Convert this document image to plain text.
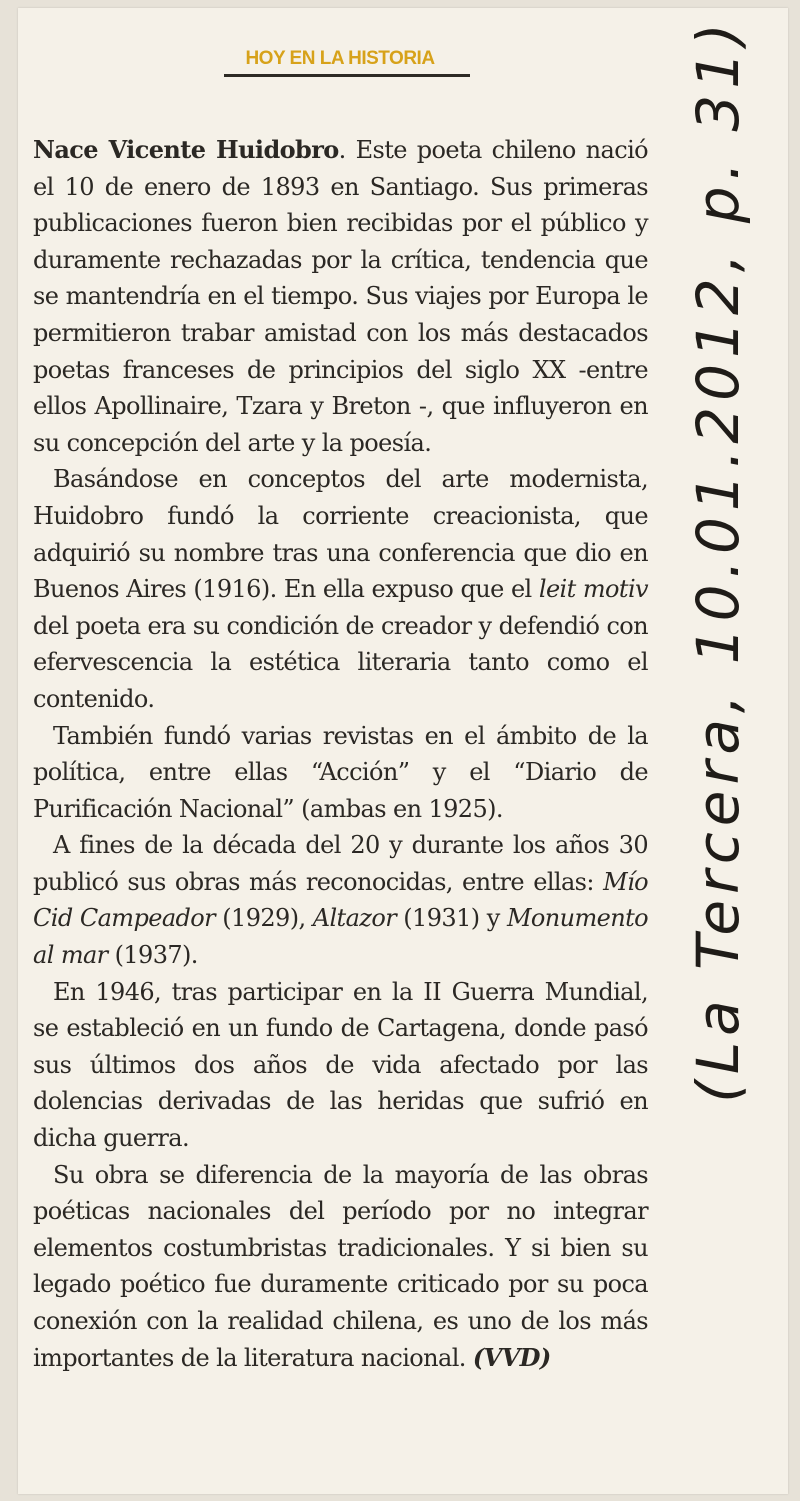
HOY EN LA HISTORIA

Nace Vicente Huidobro. Este poeta chileno nació el 10 de enero de 1893 en Santiago. Sus primeras publicaciones fueron bien recibidas por el público y duramente rechazadas por la crítica, tendencia que se mantendría en el tiempo. Sus viajes por Europa le permitieron trabar amistad con los más destacados poetas franceses de principios del siglo XX -entre ellos Apollinaire, Tzara y Breton -, que influyeron en su concepción del arte y la poesía.

Basándose en conceptos del arte modernista, Huidobro fundó la corriente creacionista, que adquirió su nombre tras una conferencia que dio en Buenos Aires (1916). En ella expuso que el leit motiv del poeta era su condición de creador y defendió con efervescencia la estética literaria tanto como el contenido.

También fundó varias revistas en el ámbito de la política, entre ellas “Acción” y el “Diario de Purificación Nacional” (ambas en 1925).

A fines de la década del 20 y durante los años 30 publicó sus obras más reconocidas, entre ellas: Mío Cid Campeador (1929), Altazor (1931) y Monumento al mar (1937).

En 1946, tras participar en la II Guerra Mundial, se estableció en un fundo de Cartagena, donde pasó sus últimos dos años de vida afectado por las dolencias derivadas de las heridas que sufrió en dicha guerra.

Su obra se diferencia de la mayoría de las obras poéticas nacionales del período por no integrar elementos costumbristas tradicionales. Y si bien su legado poético fue duramente criticado por su poca conexión con la realidad chilena, es uno de los más importantes de la literatura nacional. (VVD)

(La Tercera, 10.01.2012, p. 31)
